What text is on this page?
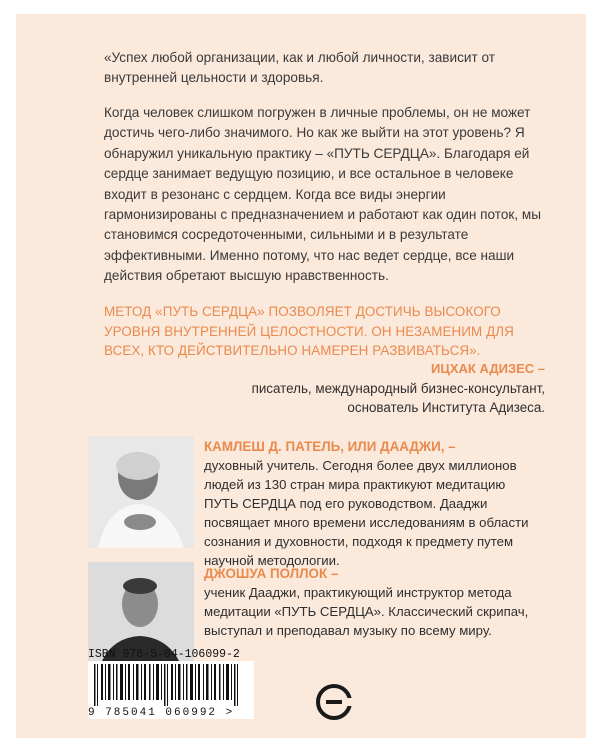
«Успех любой организации, как и любой личности, зависит от внутренней цельности и здоровья.

Когда человек слишком погружен в личные проблемы, он не может достичь чего-либо значимого. Но как же выйти на этот уровень? Я обнаружил уникальную практику – «ПУТЬ СЕРДЦА». Благодаря ей сердце занимает ведущую позицию, и все остальное в человеке входит в резонанс с сердцем. Когда все виды энергии гармонизированы с предназначением и работают как один поток, мы становимся сосредоточенными, сильными и в результате эффективными. Именно потому, что нас ведет сердце, все наши действия обретают высшую нравственность.

МЕТОД «ПУТЬ СЕРДЦА» ПОЗВОЛЯЕТ ДОСТИЧЬ ВЫСОКОГО УРОВНЯ ВНУТРЕННЕЙ ЦЕЛОСТНОСТИ. ОН НЕЗАМЕНИМ ДЛЯ ВСЕХ, КТО ДЕЙСТВИТЕЛЬНО НАМЕРЕН РАЗВИВАТЬСЯ».

ИЦХАК АДИЗЕС –
писатель, международный бизнес-консультант, основатель Института Адизеса.
КАМЛЕШ Д. ПАТЕЛЬ, ИЛИ ДААДЖИ, –
духовный учитель. Сегодня более двух миллионов людей из 130 стран мира практикуют медитацию ПУТЬ СЕРДЦА под его руководством. Дааджи посвящает много времени исследованиям в области сознания и духовности, подходя к предмету путем научной методологии.
ДЖОШУА ПОЛЛОК –
ученик Дааджи, практикующий инструктор метода медитации «ПУТЬ СЕРДЦА». Классический скрипач, выступал и преподавал музыку по всему миру.
ISBN 978-5-04-106099-2
9 785041 060992 >
